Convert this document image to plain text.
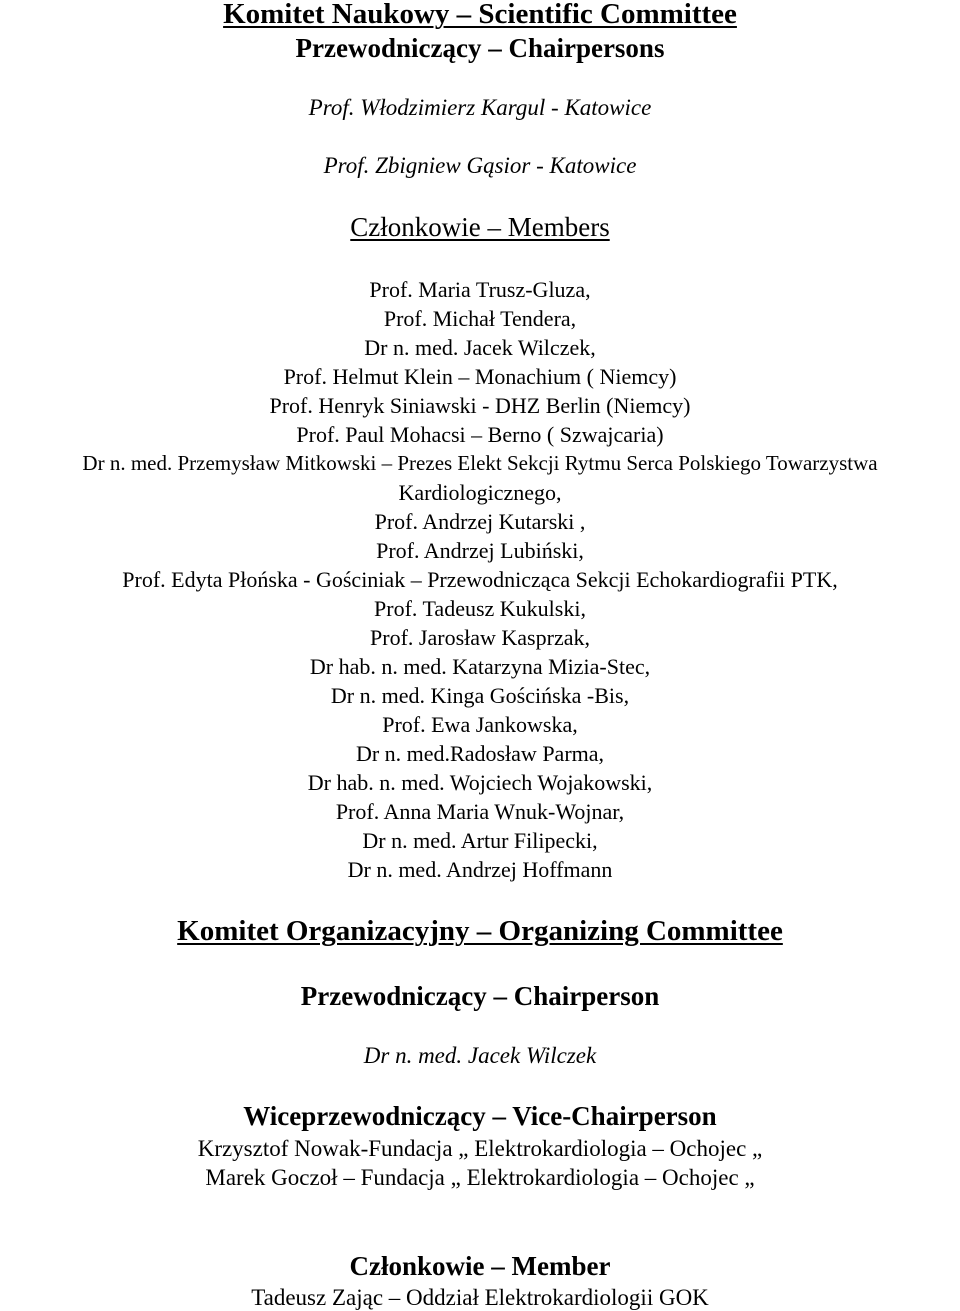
Komitet Naukowy – Scientific Committee
Przewodniczący – Chairpersons
Prof. Włodzimierz Kargul - Katowice
Prof. Zbigniew Gąsior - Katowice
Członkowie – Members
Prof. Maria Trusz-Gluza,
Prof. Michał Tendera,
Dr n. med. Jacek Wilczek,
Prof. Helmut Klein – Monachium ( Niemcy)
Prof. Henryk Siniawski - DHZ Berlin (Niemcy)
Prof. Paul Mohacsi – Berno ( Szwajcaria)
Dr n. med. Przemysław Mitkowski – Prezes Elekt Sekcji Rytmu Serca Polskiego Towarzystwa
Kardiologicznego,
Prof. Andrzej Kutarski ,
Prof. Andrzej Lubiński,
Prof. Edyta Płońska - Gościniak – Przewodnicząca Sekcji Echokardiografii PTK,
Prof. Tadeusz Kukulski,
Prof. Jarosław Kasprzak,
Dr hab. n. med. Katarzyna Mizia-Stec,
Dr n. med. Kinga Gościńska -Bis,
Prof. Ewa Jankowska,
Dr n. med.Radosław Parma,
Dr hab. n. med. Wojciech Wojakowski,
Prof. Anna Maria Wnuk-Wojnar,
Dr n. med. Artur Filipecki,
Dr n. med. Andrzej Hoffmann
Komitet Organizacyjny – Organizing Committee
Przewodniczący – Chairperson
Dr n. med. Jacek Wilczek
Wiceprzewodniczący – Vice-Chairperson
Krzysztof Nowak-Fundacja „ Elektrokardiologia – Ochojec „
Marek Goczoł – Fundacja „ Elektrokardiologia – Ochojec „
Członkowie – Member
Tadeusz Zając – Oddział Elektrokardiologii GOK
